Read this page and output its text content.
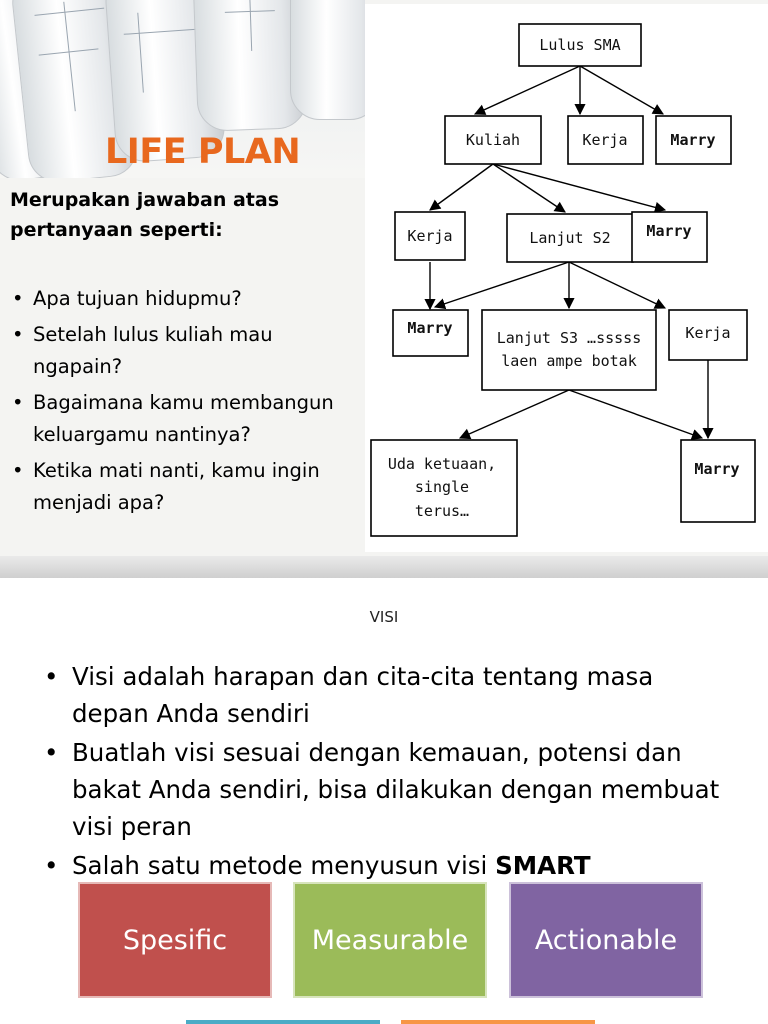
LIFE PLAN
Merupakan jawaban atas pertanyaan seperti:
• Apa tujuan hidupmu?
• Setelah lulus kuliah mau ngapain?
• Bagaimana kamu membangun keluargamu nantinya?
• Ketika mati nanti, kamu ingin menjadi apa?
Lulus SMA
Kuliah	Kerja	Marry
Kerja	Lanjut S2 Marry
Marry
Lanjut S3 …sssss
laen ampe botak
Kerja
Uda ketuaan,
single
terus…
Marry
VISI
• Visi adalah harapan dan cita-cita tentang masa depan Anda sendiri
• Buatlah visi sesuai dengan kemauan, potensi dan bakat Anda sendiri, bisa dilakukan dengan membuat visi peran
• Salah satu metode menyusun visi SMART
Spesific	Measurable	Actionable
